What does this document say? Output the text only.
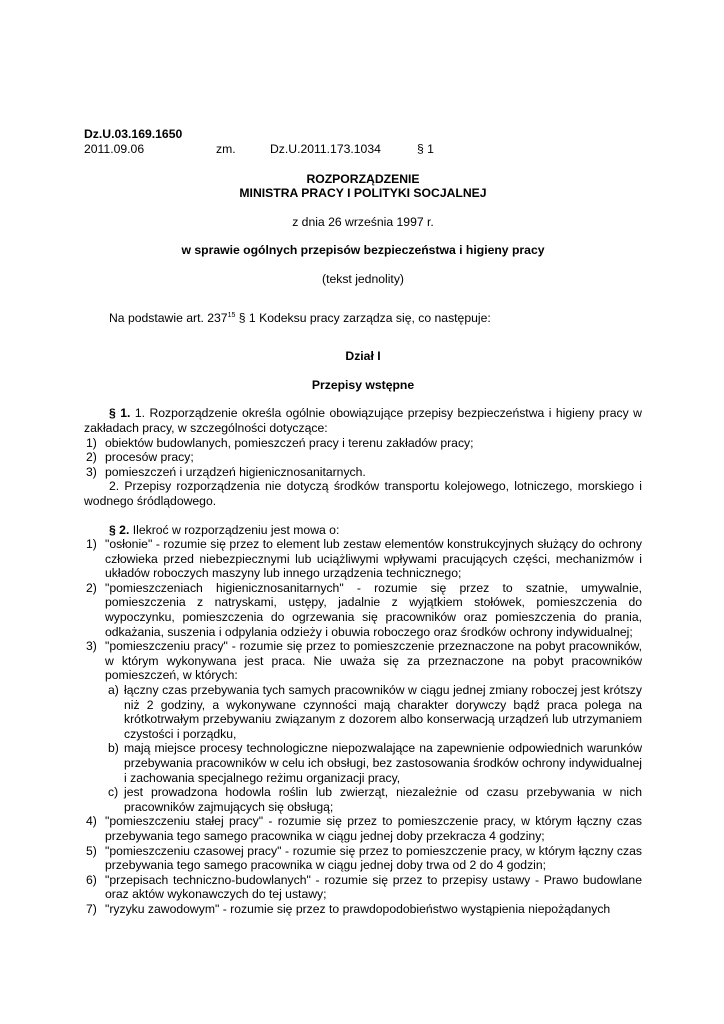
Dz.U.03.169.1650
2011.09.06	zm.	Dz.U.2011.173.1034	§ 1
ROZPORZĄDZENIE
MINISTRA PRACY I POLITYKI SOCJALNEJ
z dnia 26 września 1997 r.
w sprawie ogólnych przepisów bezpieczeństwa i higieny pracy
(tekst jednolity)
Na podstawie art. $237^{15}$ § 1 Kodeksu pracy zarządza się, co następuje:
Dział I
Przepisy wstępne
§ 1. 1. Rozporządzenie określa ogólnie obowiązujące przepisy bezpieczeństwa i higieny pracy w zakładach pracy, w szczególności dotyczące:
1) obiektów budowlanych, pomieszczeń pracy i terenu zakładów pracy;
2) procesów pracy;
3) pomieszczeń i urządzeń higienicznosanitarnych.
2. Przepisy rozporządzenia nie dotyczą środków transportu kolejowego, lotniczego, morskiego i wodnego śródlądowego.
§ 2. Ilekroć w rozporządzeniu jest mowa o:
1) "osłonie" - rozumie się przez to element lub zestaw elementów konstrukcyjnych służący do ochrony człowieka przed niebezpiecznymi lub uciążliwymi wpływami pracujących części, mechanizmów i układów roboczych maszyny lub innego urządzenia technicznego;
2) "pomieszczeniach higienicznosanitarnych" - rozumie się przez to szatnie, umywalnie, pomieszczenia z natryskami, ustępy, jadalnie z wyjątkiem stołówek, pomieszczenia do wypoczynku, pomieszczenia do ogrzewania się pracowników oraz pomieszczenia do prania, odkażania, suszenia i odpylania odzieży i obuwia roboczego oraz środków ochrony indywidualnej;
3) "pomieszczeniu pracy" - rozumie się przez to pomieszczenie przeznaczone na pobyt pracowników, w którym wykonywana jest praca. Nie uważa się za przeznaczone na pobyt pracowników pomieszczeń, w których:
a) łączny czas przebywania tych samych pracowników w ciągu jednej zmiany roboczej jest krótszy niż 2 godziny, a wykonywane czynności mają charakter dorywczy bądź praca polega na krótkotrwałym przebywaniu związanym z dozorem albo konserwacją urządzeń lub utrzymaniem czystości i porządku,
b) mają miejsce procesy technologiczne niepozwalające na zapewnienie odpowiednich warunków przebywania pracowników w celu ich obsługi, bez zastosowania środków ochrony indywidualnej i zachowania specjalnego reżimu organizacji pracy,
c) jest prowadzona hodowla roślin lub zwierząt, niezależnie od czasu przebywania w nich pracowników zajmujących się obsługą;
4) "pomieszczeniu stałej pracy" - rozumie się przez to pomieszczenie pracy, w którym łączny czas przebywania tego samego pracownika w ciągu jednej doby przekracza 4 godziny;
5) "pomieszczeniu czasowej pracy" - rozumie się przez to pomieszczenie pracy, w którym łączny czas przebywania tego samego pracownika w ciągu jednej doby trwa od 2 do 4 godzin;
6) "przepisach techniczno-budowlanych" - rozumie się przez to przepisy ustawy - Prawo budowlane oraz aktów wykonawczych do tej ustawy;
7) "ryzyku zawodowym" - rozumie się przez to prawdopodobieństwo wystąpienia niepożądanych
